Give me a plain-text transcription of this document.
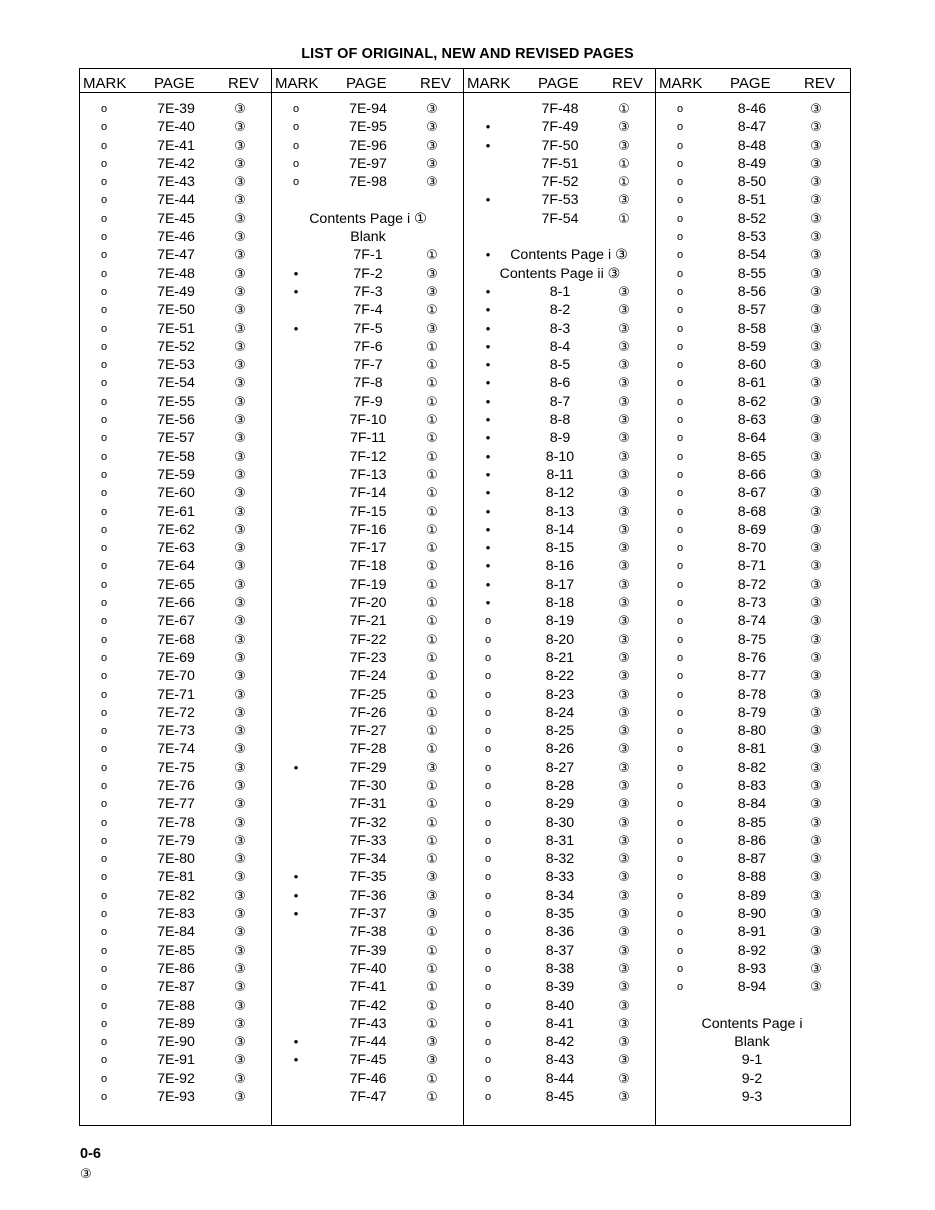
LIST OF ORIGINAL, NEW AND REVISED PAGES
MARK PAGE REV
o	7E-39	③
o	7E-40	③
o	7E-41	③
o	7E-42	③
o	7E-43	③
o	7E-44	③
o	7E-45	③
o	7E-46	③
o	7E-47	③
o	7E-48	③
o	7E-49	③
o	7E-50	③
o	7E-51	③
o	7E-52	③
o	7E-53	③
o	7E-54	③
o	7E-55	③
o	7E-56	③
o	7E-57	③
o	7E-58	③
o	7E-59	③
o	7E-60	③
o	7E-61	③
o	7E-62	③
o	7E-63	③
o	7E-64	③
o	7E-65	③
o	7E-66	③
o	7E-67	③
o	7E-68	③
o	7E-69	③
o	7E-70	③
o	7E-71	③
o	7E-72	③
o	7E-73	③
o	7E-74	③
o	7E-75	③
o	7E-76	③
o	7E-77	③
o	7E-78	③
o	7E-79	③
o	7E-80	③
o	7E-81	③
o	7E-82	③
o	7E-83	③
o	7E-84	③
o	7E-85	③
o	7E-86	③
o	7E-87	③
o	7E-88	③
o	7E-89	③
o	7E-90	③
o	7E-91	③
o	7E-92	③
o	7E-93	③
MARK PAGE REV
o	7E-94	③
o	7E-95	③
o	7E-96	③
o	7E-97	③
o	7E-98	③
Contents Page i ①
Blank
7F-1	①
•	7F-2	③
•	7F-3	③
7F-4	①
•	7F-5	③
7F-6	①
7F-7	①
7F-8	①
7F-9	①
7F-10	①
7F-11	①
7F-12	①
7F-13	①
7F-14	①
7F-15	①
7F-16	①
7F-17	①
7F-18	①
7F-19	①
7F-20	①
7F-21	①
7F-22	①
7F-23	①
7F-24	①
7F-25	①
7F-26	①
7F-27	①
7F-28	①
•	7F-29	③
7F-30	①
7F-31	①
7F-32	①
7F-33	①
7F-34	①
•	7F-35	③
•	7F-36	③
•	7F-37	③
7F-38	①
7F-39	①
7F-40	①
7F-41	①
7F-42	①
7F-43	①
•	7F-44	③
•	7F-45	③
7F-46	①
7F-47	①
MARK PAGE REV
7F-48	①
•	7F-49	③
•	7F-50	③
7F-51	①
7F-52	①
•	7F-53	③
7F-54	①
•	Contents Page i ③
Contents Page ii ③
•	8-1	③
•	8-2	③
•	8-3	③
•	8-4	③
•	8-5	③
•	8-6	③
•	8-7	③
•	8-8	③
•	8-9	③
•	8-10	③
•	8-11	③
•	8-12	③
•	8-13	③
•	8-14	③
•	8-15	③
•	8-16	③
•	8-17	③
•	8-18	③
o	8-19	③
o	8-20	③
o	8-21	③
o	8-22	③
o	8-23	③
o	8-24	③
o	8-25	③
o	8-26	③
o	8-27	③
o	8-28	③
o	8-29	③
o	8-30	③
o	8-31	③
o	8-32	③
o	8-33	③
o	8-34	③
o	8-35	③
o	8-36	③
o	8-37	③
o	8-38	③
o	8-39	③
o	8-40	③
o	8-41	③
o	8-42	③
o	8-43	③
o	8-44	③
o	8-45	③
MARK PAGE REV
o	8-46	③
o	8-47	③
o	8-48	③
o	8-49	③
o	8-50	③
o	8-51	③
o	8-52	③
o	8-53	③
o	8-54	③
o	8-55	③
o	8-56	③
o	8-57	③
o	8-58	③
o	8-59	③
o	8-60	③
o	8-61	③
o	8-62	③
o	8-63	③
o	8-64	③
o	8-65	③
o	8-66	③
o	8-67	③
o	8-68	③
o	8-69	③
o	8-70	③
o	8-71	③
o	8-72	③
o	8-73	③
o	8-74	③
o	8-75	③
o	8-76	③
o	8-77	③
o	8-78	③
o	8-79	③
o	8-80	③
o	8-81	③
o	8-82	③
o	8-83	③
o	8-84	③
o	8-85	③
o	8-86	③
o	8-87	③
o	8-88	③
o	8-89	③
o	8-90	③
o	8-91	③
o	8-92	③
o	8-93	③
o	8-94	③
Contents Page i
Blank
9-1
9-2
9-3
0-6
③
